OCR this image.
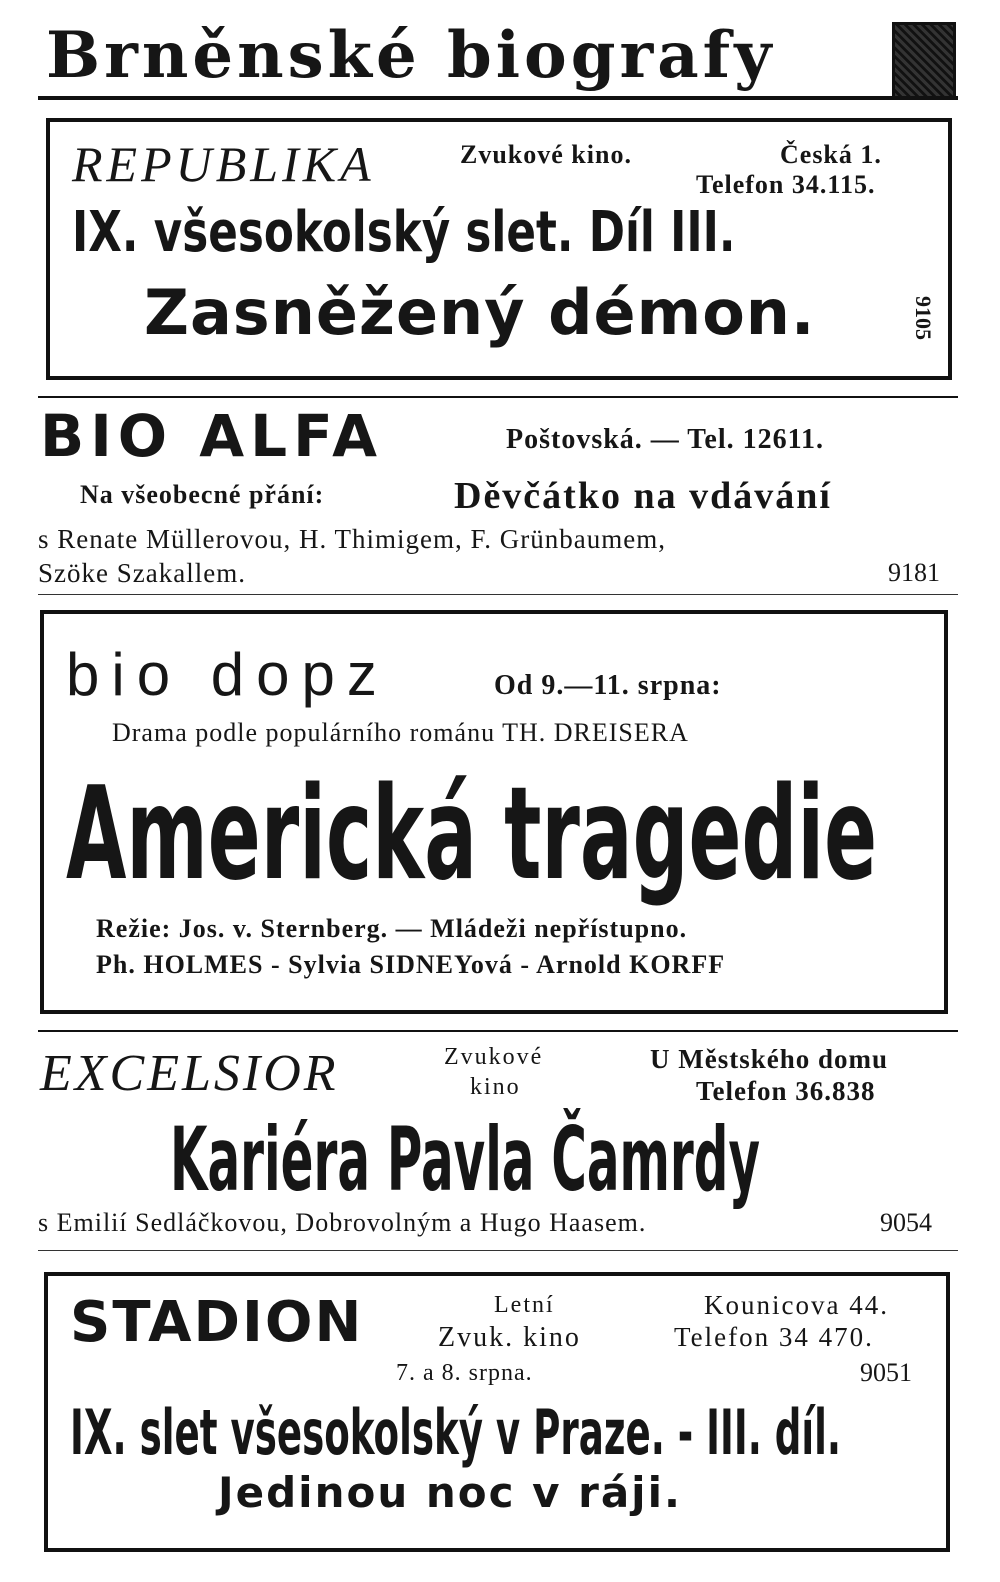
Brněnské biografy
REPUBLIKA	Zvukové kino.	Česká 1.
Telefon 34.115.
IX. všesokolský slet. Díl III.
Zasněžený démon.	9105
BIO ALFA	Poštovská. — Tel. 12611.
Na všeobecné přání:	Děvčátko na vdávání
s Renate Müllerovou, H. Thimigem, F. Grünbaumem,
Szöke Szakallem.	9181
bio dopz	Od 9.—11. srpna:
Drama podle populárního románu TH. DREISERA
Americká tragedie
Režie: Jos. v. Sternberg. — Mládeži nepřístupno.
Ph. HOLMES - Sylvia SIDNEYová - Arnold KORFF
EXCELSIOR	Zvukové
kino
U Městského domu
Telefon 36.838
Kariéra Pavla Čamrdy
s Emilií Sedláčkovou, Dobrovolným a Hugo Haasem.	9054
STADION	Letní
Zvuk. kino
Kounicova 44.
Telefon 34 470.
7. a 8. srpna.	9051
IX. slet všesokolský v Praze. - III. díl.
Jedinou noc v ráji.
